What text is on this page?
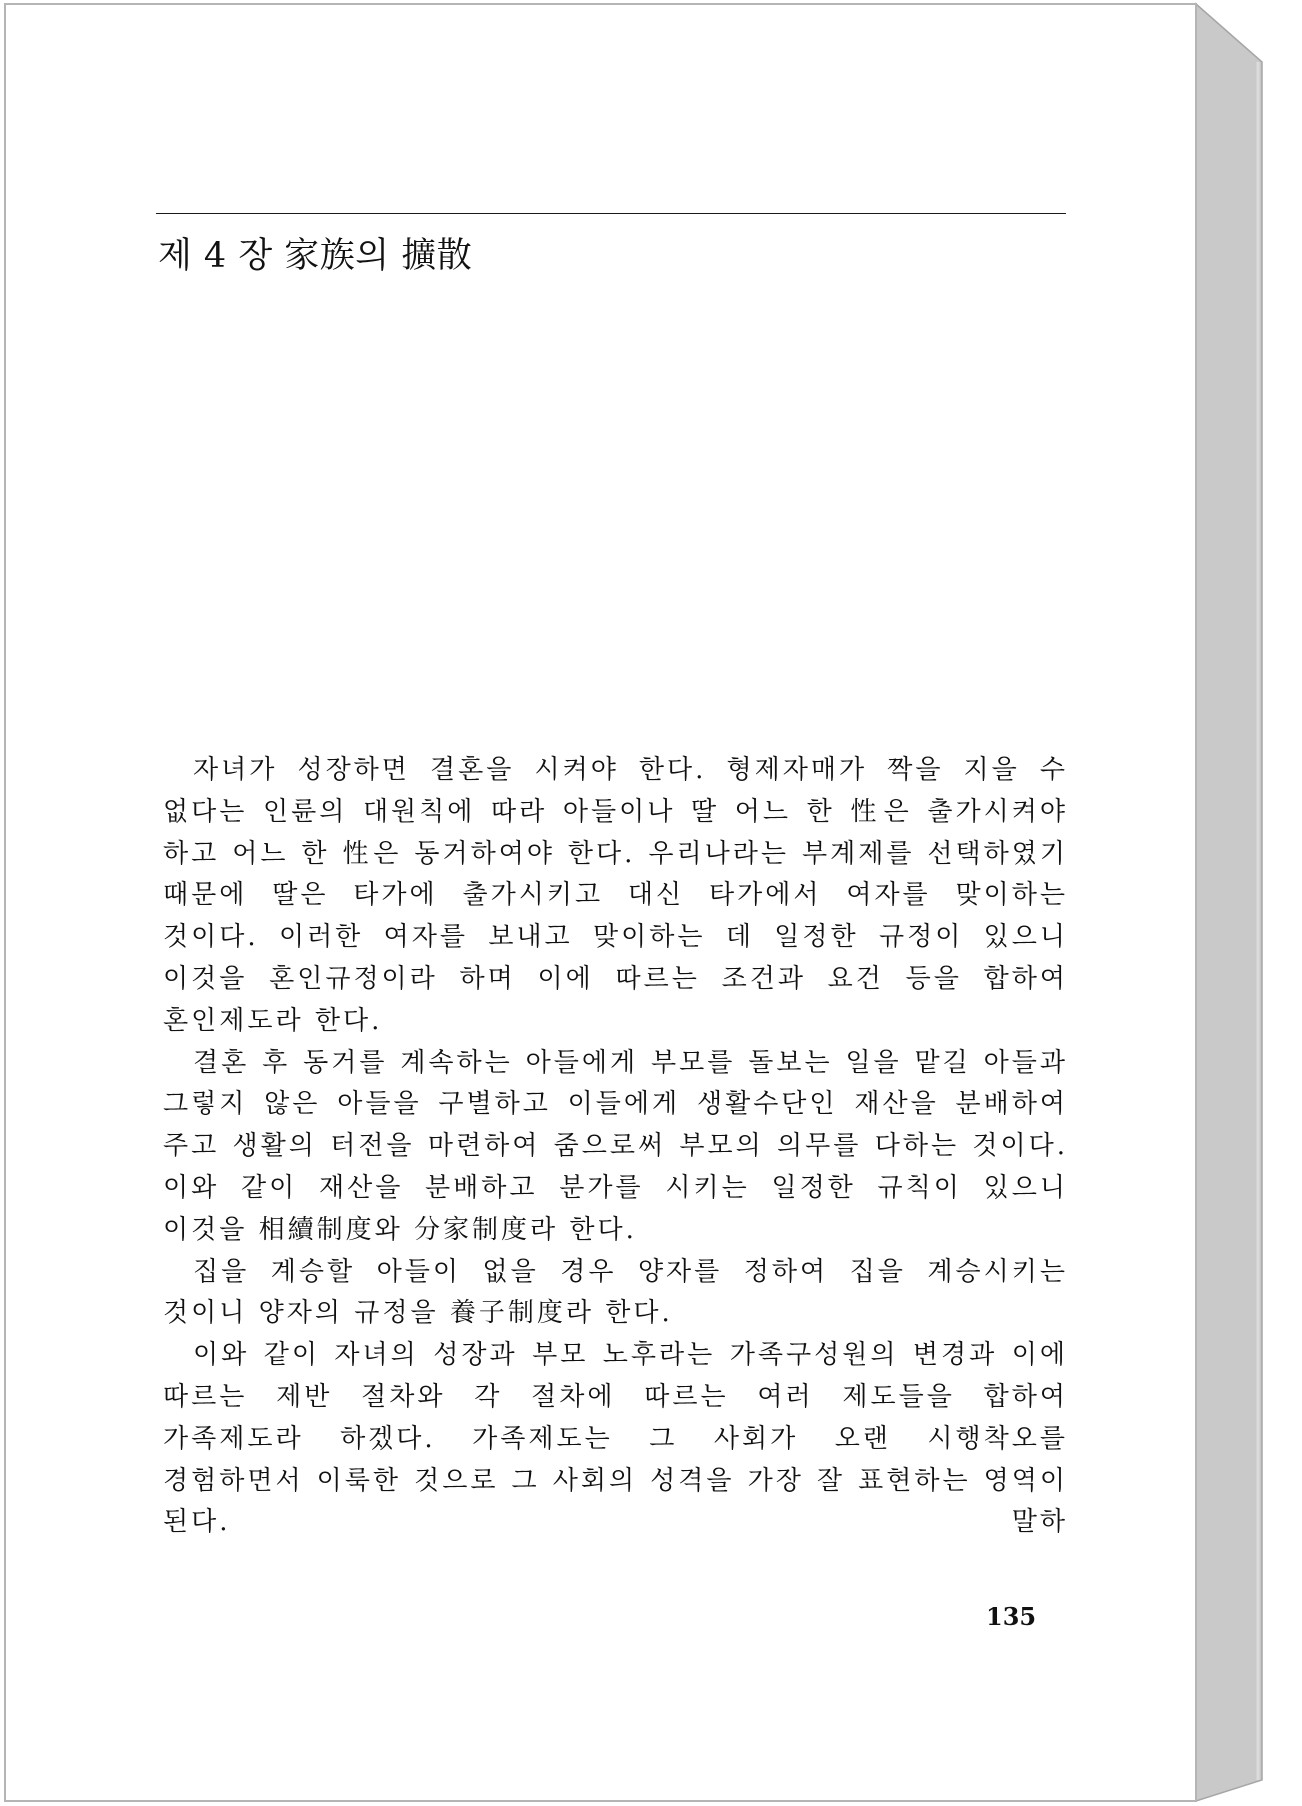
제 4 장 家族의 擴散

자녀가 성장하면 결혼을 시켜야 한다. 형제자매가 짝을 지을 수 없다는 인륜의 대원칙에 따라 아들이나 딸 어느 한 性은 출가시켜야 하고 어느 한 性은 동거하여야 한다. 우리나라는 부계제를 선택하였기 때문에 딸은 타가에 출가시키고 대신 타가에서 여자를 맞이하는 것이다. 이러한 여자를 보내고 맞이하는 데 일정한 규정이 있으니 이것을 혼인규정이라 하며 이에 따르는 조건과 요건 등을 합하여 혼인제도라 한다.

결혼 후 동거를 계속하는 아들에게 부모를 돌보는 일을 맡길 아들과 그렇지 않은 아들을 구별하고 이들에게 생활수단인 재산을 분배하여 주고 생활의 터전을 마련하여 줌으로써 부모의 의무를 다하는 것이다. 이와 같이 재산을 분배하고 분가를 시키는 일정한 규칙이 있으니 이것을 相續制度와 分家制度라 한다.

집을 계승할 아들이 없을 경우 양자를 정하여 집을 계승시키는 것이니 양자의 규정을 養子制度라 한다.

이와 같이 자녀의 성장과 부모 노후라는 가족구성원의 변경과 이에 따르는 제반 절차와 각 절차에 따르는 여러 제도들을 합하여 가족제도라 하겠다. 가족제도는 그 사회가 오랜 시행착오를 경험하면서 이룩한 것으로 그 사회의 성격을 가장 잘 표현하는 영역이 된다. 말하

135
